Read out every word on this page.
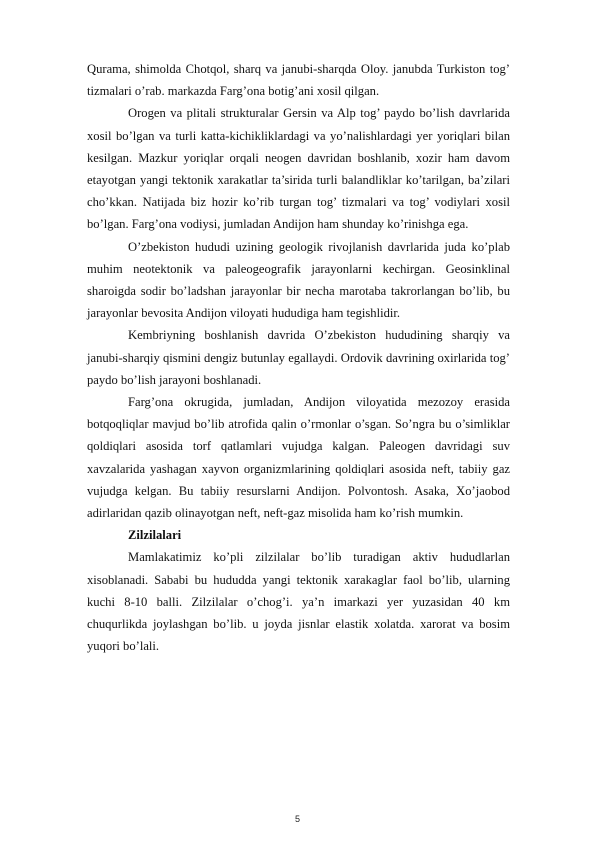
Qurama, shimolda Chotqol, sharq va janubi-sharqda Oloy. janubda Turkiston tog’ tizmalari o’rab. markazda Farg’ona botig’ani xosil qilgan.

Orogen va plitali strukturalar Gersin va Alp tog’ paydo bo’lish davrlarida xosil bo’lgan va turli katta-kichikliklardagi va yo’nalishlardagi yer yoriqlari bilan kesilgan. Mazkur yoriqlar orqali neogen davridan boshlanib, xozir ham davom etayotgan yangi tektonik xarakatlar ta’sirida turli balandliklar ko’tarilgan, ba’zilari cho’kkan. Natijada biz hozir ko’rib turgan tog’ tizmalari va tog’ vodiylari xosil bo’lgan. Farg’ona vodiysi, jumladan Andijon ham shunday ko’rinishga ega.

O’zbekiston hududi uzining geologik rivojlanish davrlarida juda ko’plab muhim neotektonik va paleogeografik jarayonlarni kechirgan. Geosinklinal sharoigda sodir bo’ladshan jarayonlar bir necha marotaba takrorlangan bo’lib, bu jarayonlar bevosita Andijon viloyati hududiga ham tegishlidir.

Kembriyning boshlanish davrida O’zbekiston hududining sharqiy va janubi-sharqiy qismini dengiz butunlay egallaydi. Ordovik davrining oxirlarida tog’ paydo bo’lish jarayoni boshlanadi.

Farg’ona okrugida, jumladan, Andijon viloyatida mezozoy erasida botqoqliqlar mavjud bo’lib atrofida qalin o’rmonlar o’sgan. So’ngra bu o’simliklar qoldiqlari asosida torf qatlamlari vujudga kalgan. Paleogen davridagi suv xavzalarida yashagan xayvon organizmlarining qoldiqlari asosida neft, tabiiy gaz vujudga kelgan. Bu tabiiy resurslarni Andijon. Polvontosh. Asaka, Xo’jaobod adirlaridan qazib olinayotgan neft, neft-gaz misolida ham ko’rish mumkin.

Zilzilalari

Mamlakatimiz ko’pli zilzilalar bo’lib turadigan aktiv hududlarlan xisoblanadi. Sababi bu hududda yangi tektonik xarakaglar faol bo’lib, ularning kuchi 8-10 balli. Zilzilalar o’chog’i. ya’n imarkazi yer yuzasidan 40 km chuqurlikda joylashgan bo’lib. u joyda jisnlar elastik xolatda. xarorat va bosim yuqori bo’lali.

5
